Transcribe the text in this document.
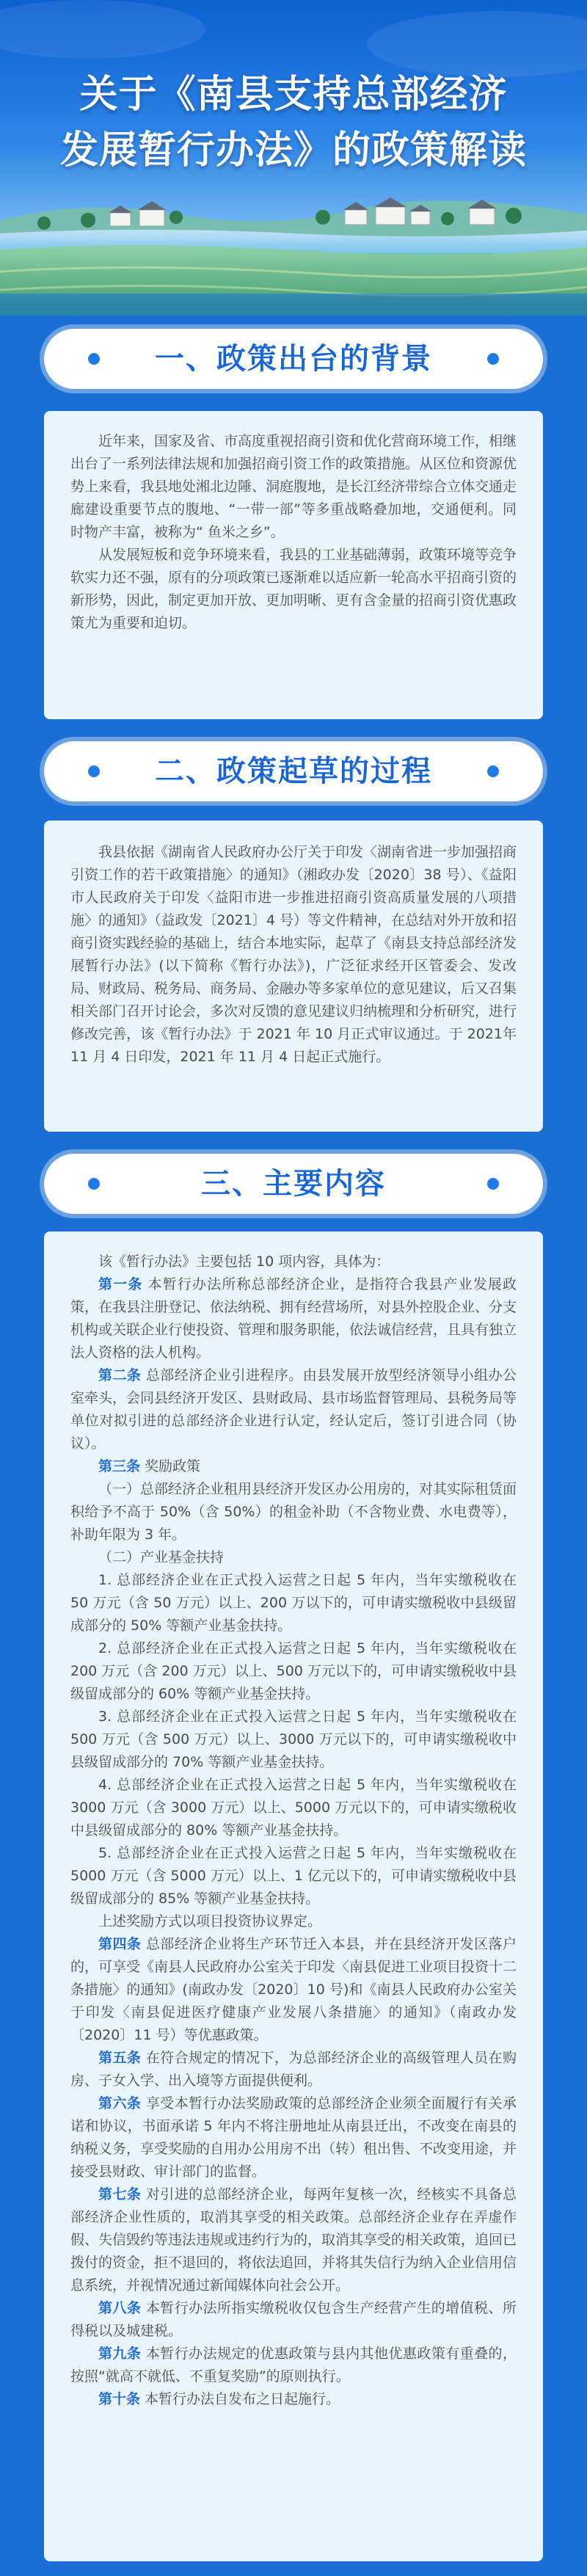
关于《南县支持总部经济
发展暂行办法》的政策解读
一、政策出台的背景

近年来，国家及省、市高度重视招商引资和优化营商环境工作，相继出台了一系列法律法规和加强招商引资工作的政策措施。从区位和资源优势上来看，我县地处湘北边陲、洞庭腹地，是长江经济带综合立体交通走廊建设重要节点的腹地、“一带一部”等多重战略叠加地，交通便利。同时物产丰富，被称为“ 鱼米之乡”。

从发展短板和竞争环境来看，我县的工业基础薄弱，政策环境等竞争软实力还不强，原有的分项政策已逐渐难以适应新一轮高水平招商引资的新形势，因此，制定更加开放、更加明晰、更有含金量的招商引资优惠政策尤为重要和迫切。

二、政策起草的过程

我县依据《湖南省人民政府办公厅关于印发〈湖南省进一步加强招商引资工作的若干政策措施〉的通知》（湘政办发〔2020〕38 号）、《益阳市人民政府关于印发〈益阳市进一步推进招商引资高质量发展的八项措施〉的通知》（益政发〔2021〕4 号）等文件精神，在总结对外开放和招商引资实践经验的基础上，结合本地实际，起草了《南县支持总部经济发展暂行办法》(以下简称《暂行办法》)，广泛征求经开区管委会、发改局、财政局、税务局、商务局、金融办等多家单位的意见建议，后又召集相关部门召开讨论会，多次对反馈的意见建议归纳梳理和分析研究，进行修改完善，该《暂行办法》于 2021 年 10 月正式审议通过。于 2021年 11 月 4 日印发，2021 年 11 月 4 日起正式施行。

三、主要内容

该《暂行办法》主要包括 10 项内容，具体为：

第一条 本暂行办法所称总部经济企业，是指符合我县产业发展政策，在我县注册登记、依法纳税、拥有经营场所，对县外控股企业、分支机构或关联企业行使投资、管理和服务职能，依法诚信经营，且具有独立法人资格的法人机构。

第二条 总部经济企业引进程序。由县发展开放型经济领导小组办公室牵头，会同县经济开发区、县财政局、县市场监督管理局、县税务局等单位对拟引进的总部经济企业进行认定，经认定后，签订引进合同（协议）。

第三条 奖励政策

（一）总部经济企业租用县经济开发区办公用房的，对其实际租赁面积给予不高于 50%（含 50%）的租金补助（不含物业费、水电费等），补助年限为 3 年。

（二）产业基金扶持

1. 总部经济企业在正式投入运营之日起 5 年内，当年实缴税收在 50 万元（含 50 万元）以上、200 万以下的，可申请实缴税收中县级留成部分的 50% 等额产业基金扶持。

2. 总部经济企业在正式投入运营之日起 5 年内，当年实缴税收在 200 万元（含 200 万元）以上、500 万元以下的，可申请实缴税收中县级留成部分的 60% 等额产业基金扶持。

3. 总部经济企业在正式投入运营之日起 5 年内，当年实缴税收在 500 万元（含 500 万元）以上、3000 万元以下的，可申请实缴税收中县级留成部分的 70% 等额产业基金扶持。

4. 总部经济企业在正式投入运营之日起 5 年内，当年实缴税收在 3000 万元（含 3000 万元）以上、5000 万元以下的，可申请实缴税收中县级留成部分的 80% 等额产业基金扶持。

5. 总部经济企业在正式投入运营之日起 5 年内，当年实缴税收在 5000 万元（含 5000 万元）以上、1 亿元以下的，可申请实缴税收中县级留成部分的 85% 等额产业基金扶持。

上述奖励方式以项目投资协议界定。

第四条 总部经济企业将生产环节迁入本县，并在县经济开发区落户的，可享受《南县人民政府办公室关于印发〈南县促进工业项目投资十二条措施〉的通知》(南政办发〔2020〕10 号)和《南县人民政府办公室关于印发〈南县促进医疗健康产业发展八条措施〉的通知》（南政办发〔2020〕11 号）等优惠政策。

第五条 在符合规定的情况下，为总部经济企业的高级管理人员在购房、子女入学、出入境等方面提供便利。

第六条 享受本暂行办法奖励政策的总部经济企业须全面履行有关承诺和协议，书面承诺 5 年内不将注册地址从南县迁出，不改变在南县的纳税义务，享受奖励的自用办公用房不出（转）租出售、不改变用途，并接受县财政、审计部门的监督。

第七条 对引进的总部经济企业，每两年复核一次，经核实不具备总部经济企业性质的，取消其享受的相关政策。总部经济企业存在弄虚作假、失信毁约等违法违规或违约行为的，取消其享受的相关政策，追回已拨付的资金，拒不退回的，将依法追回，并将其失信行为纳入企业信用信息系统，并视情况通过新闻媒体向社会公开。

第八条 本暂行办法所指实缴税收仅包含生产经营产生的增值税、所得税以及城建税。

第九条 本暂行办法规定的优惠政策与县内其他优惠政策有重叠的，按照“就高不就低、不重复奖励”的原则执行。

第十条 本暂行办法自发布之日起施行。
